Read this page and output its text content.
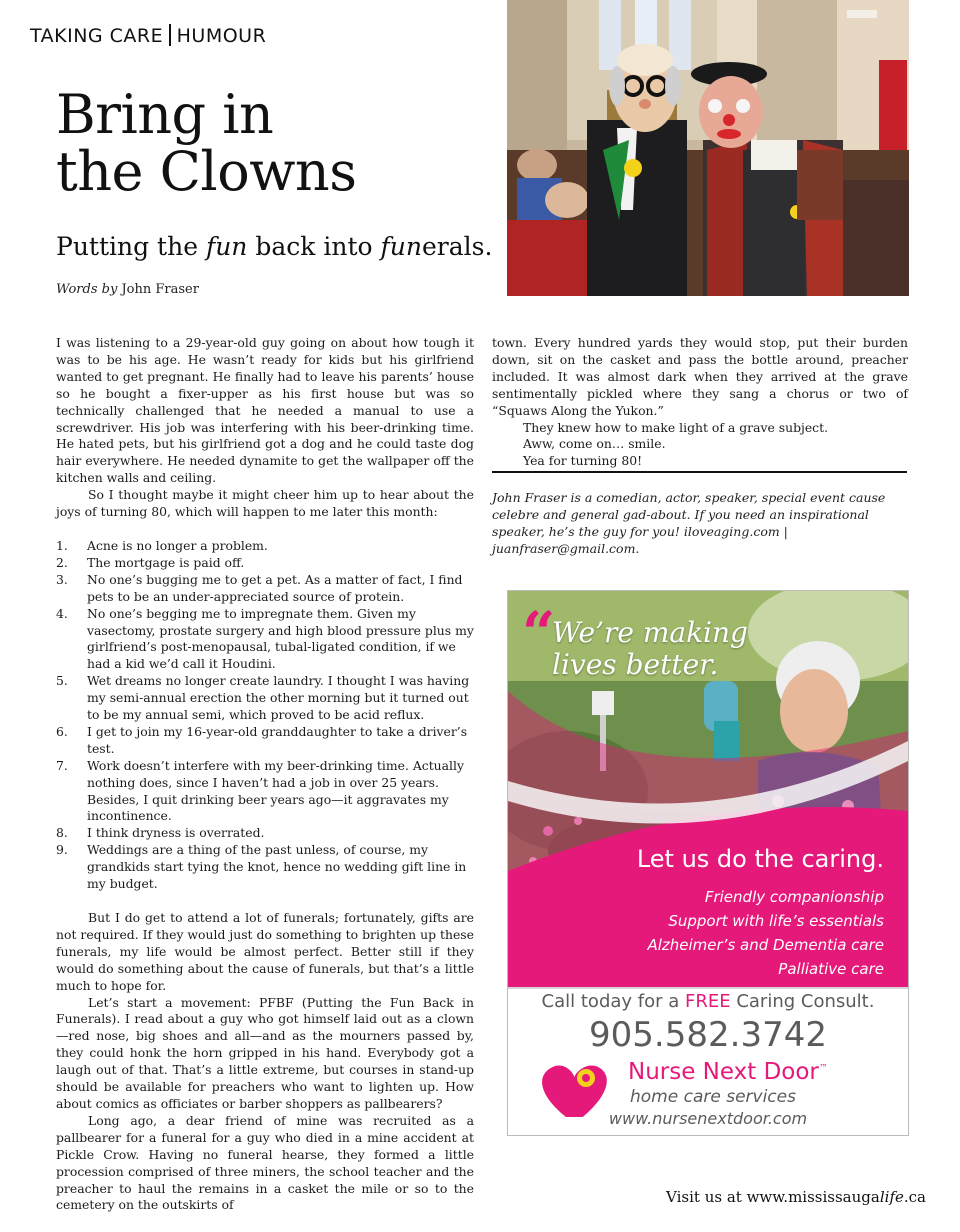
TAKING CARE HUMOUR
Bring in
the Clowns
Putting the fun back into funerals.
Words by John Fraser

I was listening to a 29-year-old guy going on about how tough it was to be his age. He wasn’t ready for kids but his girlfriend wanted to get pregnant. He finally had to leave his parents’ house so he bought a fixer-upper as his first house but was so technically challenged that he needed a manual to use a screwdriver. His job was interfering with his beer-drinking time. He hated pets, but his girlfriend got a dog and he could taste dog hair everywhere. He needed dynamite to get the wallpaper off the kitchen walls and ceiling.

So I thought maybe it might cheer him up to hear about the joys of turning 80, which will happen to me later this month:

1. Acne is no longer a problem.
2. The mortgage is paid off.
3. No one’s bugging me to get a pet. As a matter of fact, I find pets to be an under-appreciated source of protein.
4. No one’s begging me to impregnate them. Given my vasectomy, prostate surgery and high blood pressure plus my girlfriend’s post-menopausal, tubal-ligated condition, if we had a kid we’d call it Houdini.
5. Wet dreams no longer create laundry. I thought I was having my semi-annual erection the other morning but it turned out to be my annual semi, which proved to be acid reflux.
6. I get to join my 16-year-old granddaughter to take a driver’s test.
7. Work doesn’t interfere with my beer-drinking time. Actually nothing does, since I haven’t had a job in over 25 years. Besides, I quit drinking beer years ago—it aggravates my incontinence.
8. I think dryness is overrated.
9. Weddings are a thing of the past unless, of course, my grandkids start tying the knot, hence no wedding gift line in my budget.

But I do get to attend a lot of funerals; fortunately, gifts are not required. If they would just do something to brighten up these funerals, my life would be almost perfect. Better still if they would do something about the cause of funerals, but that’s a little much to hope for.

Let’s start a movement: PFBF (Putting the Fun Back in Funerals). I read about a guy who got himself laid out as a clown—red nose, big shoes and all—and as the mourners passed by, they could honk the horn gripped in his hand. Everybody got a laugh out of that. That’s a little extreme, but courses in stand-up should be available for preachers who want to lighten up. How about comics as officiates or barber shoppers as pallbearers?

Long ago, a dear friend of mine was recruited as a pallbearer for a funeral for a guy who died in a mine accident at Pickle Crow. Having no funeral hearse, they formed a little procession comprised of three miners, the school teacher and the preacher to haul the remains in a casket the mile or so to the cemetery on the outskirts of

town. Every hundred yards they would stop, put their burden down, sit on the casket and pass the bottle around, preacher included. It was almost dark when they arrived at the grave sentimentally pickled where they sang a chorus or two of “Squaws Along the Yukon.”

They knew how to make light of a grave subject.

Aww, come on… smile.

Yea for turning 80!

John Fraser is a comedian, actor, speaker, special event cause celebre and general gad-about. If you need an inspirational speaker, he’s the guy for you! iloveaging.com | juanfraser@gmail.com.
“
We’re making
lives better.
Let us do the caring.
Friendly companionship
Support with life’s essentials
Alzheimer’s and Dementia care
Palliative care
Call today for a FREE Caring Consult.
905.582.3742
Nurse Next Door™
home care services
www.nursenextdoor.com
Visit us at www.mississaugalife.ca
